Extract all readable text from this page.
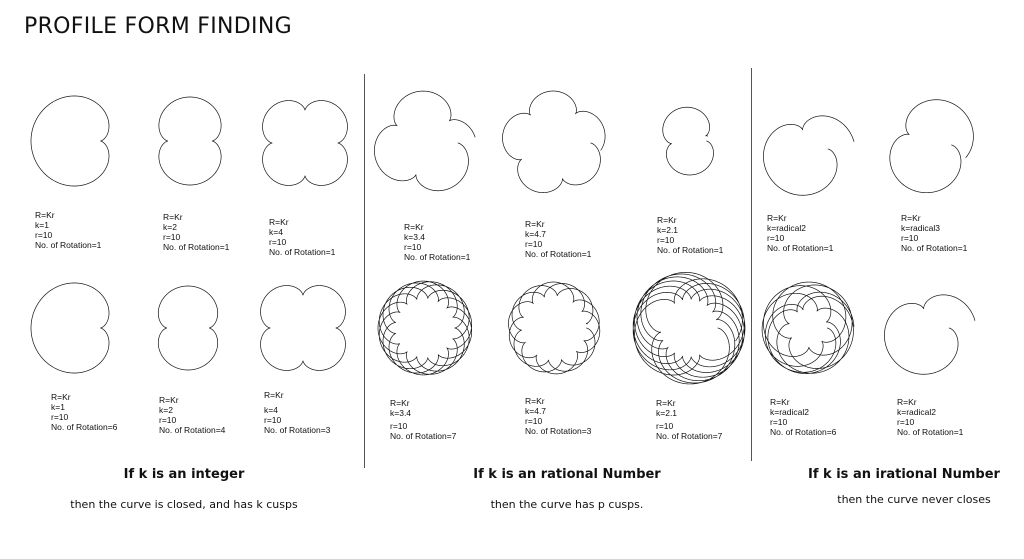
PROFILE FORM FINDING
R=Kr
k=1
r=10
No. of Rotation=1
R=Kr
k=2
r=10
No. of Rotation=1
R=Kr
k=4
r=10
No. of Rotation=1
R=Kr
k=3.4
r=10
No. of Rotation=1
R=Kr
k=4.7
r=10
No. of Rotation=1
R=Kr
k=2.1
r=10
No. of Rotation=1
R=Kr
k=radical2
r=10
No. of Rotation=1
R=Kr
k=radical3
r=10
No. of Rotation=1
R=Kr
k=1
r=10
No. of Rotation=6
R=Kr
k=2
r=10
No. of Rotation=4
R=Kr
k=4
r=10
No. of Rotation=3
R=Kr
k=3.4
r=10
No. of Rotation=7
R=Kr
k=4.7
r=10
No. of Rotation=3
R=Kr
k=2.1
r=10
No. of Rotation=7
R=Kr
k=radical2
r=10
No. of Rotation=6
R=Kr
k=radical2
r=10
No. of Rotation=1
If k is an integer
then the curve is closed, and has k cusps
If k is an rational Number
then the curve has p cusps.
If k is an irational Number
then the curve never closes
